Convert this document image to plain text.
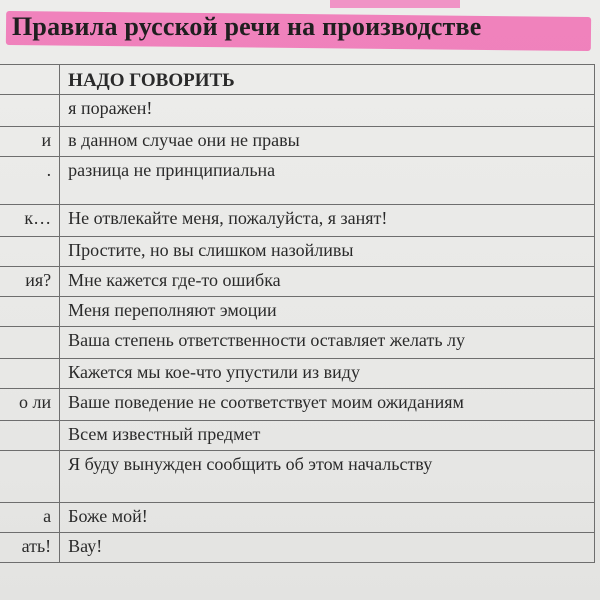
Правила русской речи на производстве
	НАДО ГОВОРИТЬ
	я поражен!
и	в данном случае они не правы
.	разница не принципиальна
к…	Не отвлекайте меня, пожалуйста, я занят!
	Простите, но вы слишком назойливы
ия?	Мне кажется где-то ошибка
	Меня переполняют эмоции
	Ваша степень ответственности оставляет желать лу
	Кажется мы кое-что упустили из виду
о ли	Ваше поведение не соответствует моим ожиданиям
	Всем известный предмет
	Я буду вынужден сообщить об этом начальству
а	Боже мой!
ать!	Вау!
